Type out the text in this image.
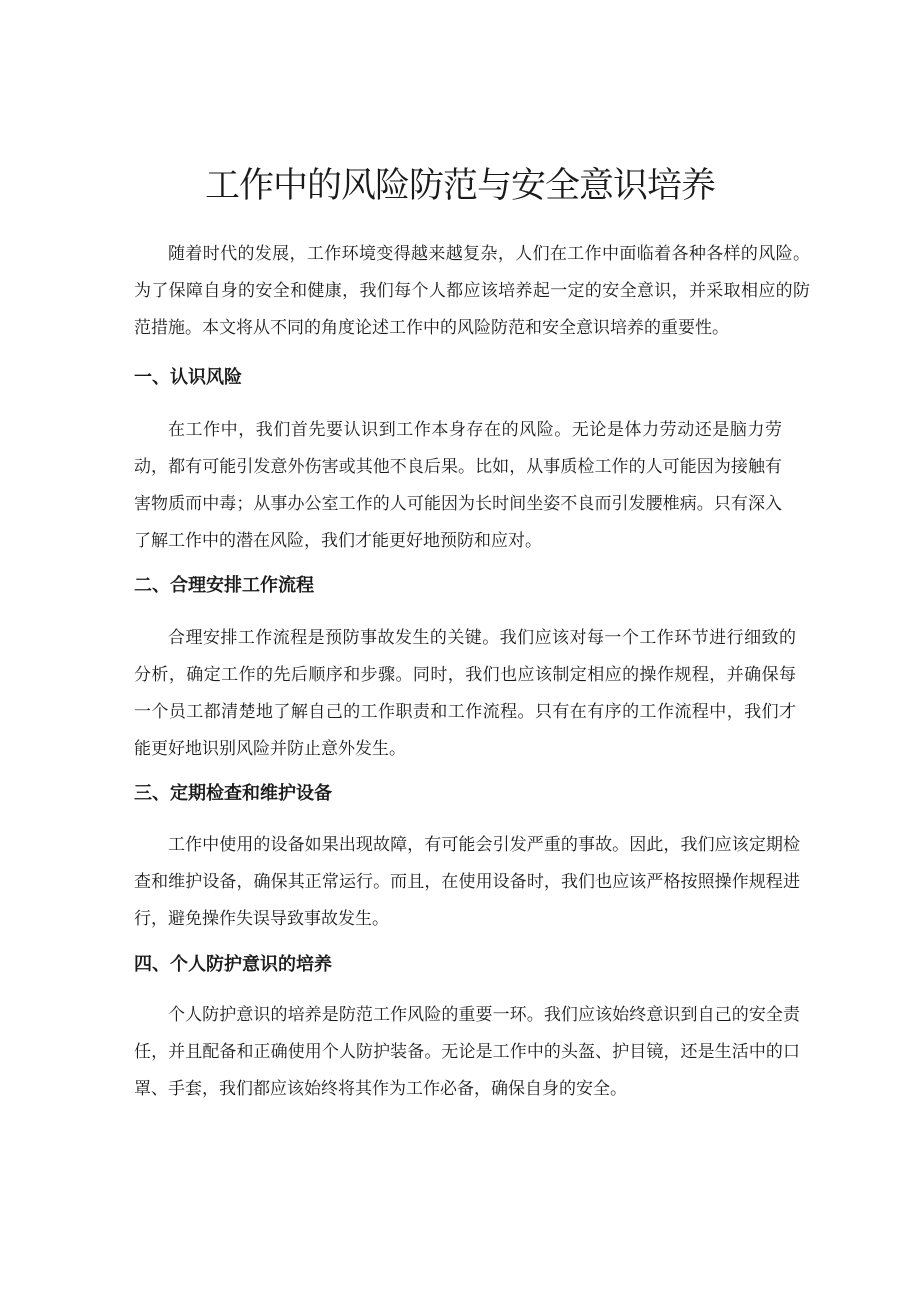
工作中的风险防范与安全意识培养

随着时代的发展，工作环境变得越来越复杂，人们在工作中面临着各种各样的风险。为了保障自身的安全和健康，我们每个人都应该培养起一定的安全意识，并采取相应的防范措施。本文将从不同的角度论述工作中的风险防范和安全意识培养的重要性。

一、认识风险

在工作中，我们首先要认识到工作本身存在的风险。无论是体力劳动还是脑力劳动，都有可能引发意外伤害或其他不良后果。比如，从事质检工作的人可能因为接触有害物质而中毒；从事办公室工作的人可能因为长时间坐姿不良而引发腰椎病。只有深入了解工作中的潜在风险，我们才能更好地预防和应对。

二、合理安排工作流程

合理安排工作流程是预防事故发生的关键。我们应该对每一个工作环节进行细致的分析，确定工作的先后顺序和步骤。同时，我们也应该制定相应的操作规程，并确保每一个员工都清楚地了解自己的工作职责和工作流程。只有在有序的工作流程中，我们才能更好地识别风险并防止意外发生。

三、定期检查和维护设备

工作中使用的设备如果出现故障，有可能会引发严重的事故。因此，我们应该定期检查和维护设备，确保其正常运行。而且，在使用设备时，我们也应该严格按照操作规程进行，避免操作失误导致事故发生。

四、个人防护意识的培养

个人防护意识的培养是防范工作风险的重要一环。我们应该始终意识到自己的安全责任，并且配备和正确使用个人防护装备。无论是工作中的头盔、护目镜，还是生活中的口罩、手套，我们都应该始终将其作为工作必备，确保自身的安全。
